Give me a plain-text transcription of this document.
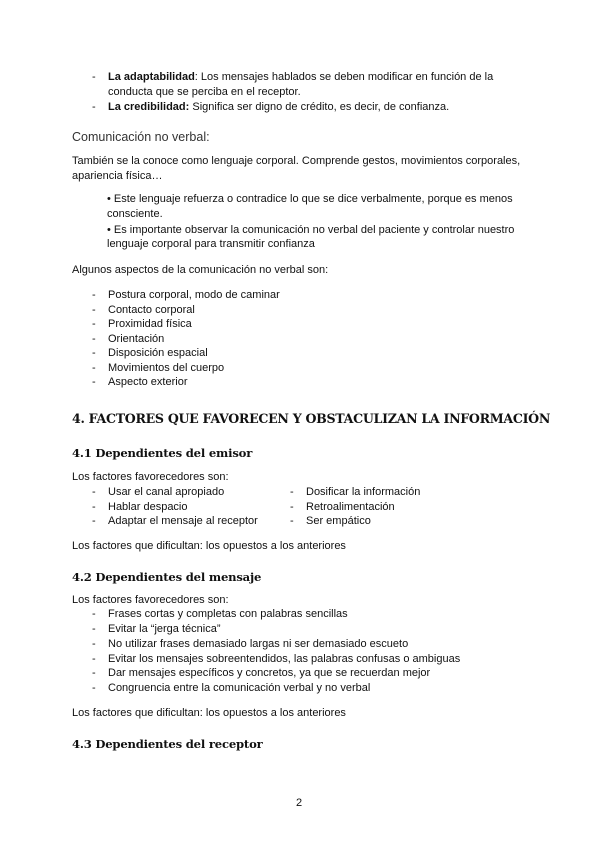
- La adaptabilidad: Los mensajes hablados se deben modificar en función de la
conducta que se perciba en el receptor.
- La credibilidad: Significa ser digno de crédito, es decir, de confianza.
Comunicación no verbal:
También se la conoce como lenguaje corporal. Comprende gestos, movimientos corporales,
apariencia física…
• Este lenguaje refuerza o contradice lo que se dice verbalmente, porque es menos
consciente.
• Es importante observar la comunicación no verbal del paciente y controlar nuestro
lenguaje corporal para transmitir confianza
Algunos aspectos de la comunicación no verbal son:
- Postura corporal, modo de caminar
- Contacto corporal
- Proximidad física
- Orientación
- Disposición espacial
- Movimientos del cuerpo
- Aspecto exterior
4. FACTORES QUE FAVORECEN Y OBSTACULIZAN LA INFORMACIÓN
4.1 Dependientes del emisor
Los factores favorecedores son:
- Usar el canal apropiado
- Hablar despacio
- Adaptar el mensaje al receptor
- Dosificar la información
- Retroalimentación
- Ser empático
Los factores que dificultan: los opuestos a los anteriores
4.2 Dependientes del mensaje
Los factores favorecedores son:
- Frases cortas y completas con palabras sencillas
- Evitar la “jerga técnica”
- No utilizar frases demasiado largas ni ser demasiado escueto
- Evitar los mensajes sobreentendidos, las palabras confusas o ambiguas
- Dar mensajes específicos y concretos, ya que se recuerdan mejor
- Congruencia entre la comunicación verbal y no verbal
Los factores que dificultan: los opuestos a los anteriores
4.3 Dependientes del receptor
2
